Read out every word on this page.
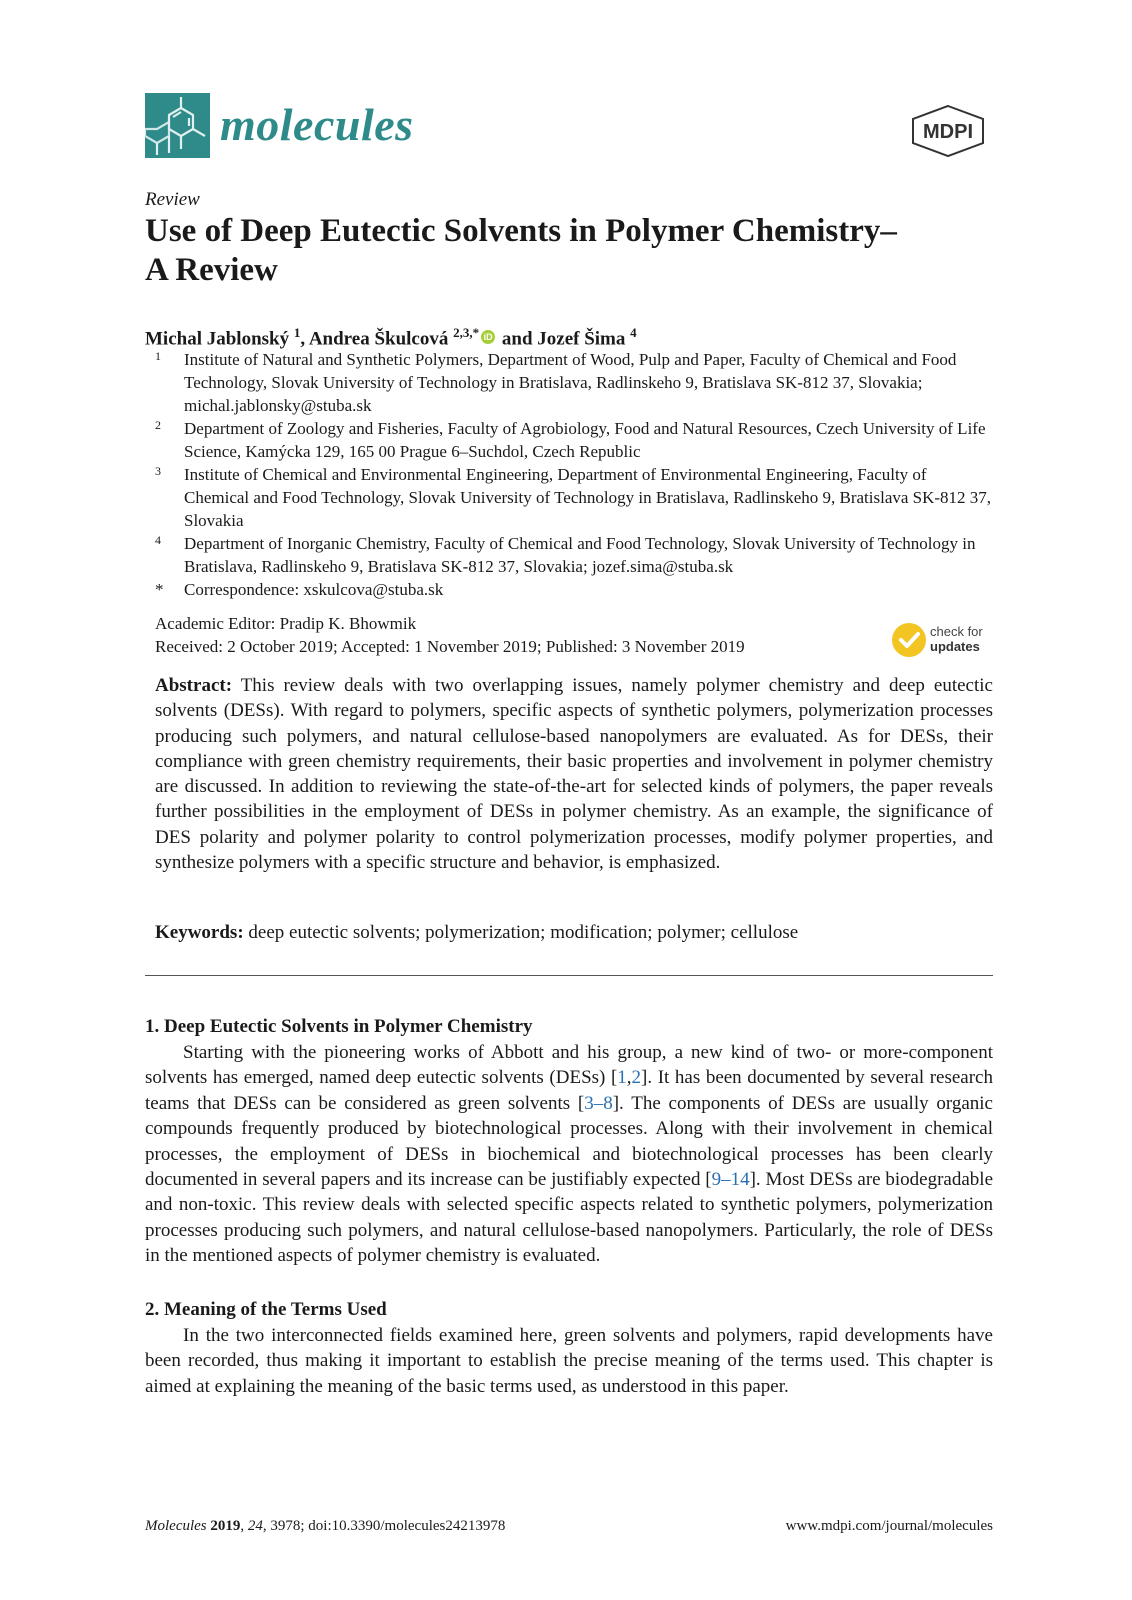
molecules	MDPI
Review
Use of Deep Eutectic Solvents in Polymer Chemistry–A Review
Michal Jablonský $^1$, Andrea Škulcová $^{2,3,*}$ iD and Jozef Šima $^4$
1 Institute of Natural and Synthetic Polymers, Department of Wood, Pulp and Paper, Faculty of Chemical and Food Technology, Slovak University of Technology in Bratislava, Radlinskeho 9, Bratislava SK-812 37, Slovakia; michal.jablonsky@stuba.sk
2 Department of Zoology and Fisheries, Faculty of Agrobiology, Food and Natural Resources, Czech University of Life Science, Kamýcka 129, 165 00 Prague 6–Suchdol, Czech Republic
3 Institute of Chemical and Environmental Engineering, Department of Environmental Engineering, Faculty of Chemical and Food Technology, Slovak University of Technology in Bratislava, Radlinskeho 9, Bratislava SK-812 37, Slovakia
4 Department of Inorganic Chemistry, Faculty of Chemical and Food Technology, Slovak University of Technology in Bratislava, Radlinskeho 9, Bratislava SK-812 37, Slovakia; jozef.sima@stuba.sk
* Correspondence: xskulcova@stuba.sk
Academic Editor: Pradip K. Bhowmik
Received: 2 October 2019; Accepted: 1 November 2019; Published: 3 November 2019
check for
updates
Abstract: This review deals with two overlapping issues, namely polymer chemistry and deep eutectic solvents (DESs). With regard to polymers, specific aspects of synthetic polymers, polymerization processes producing such polymers, and natural cellulose-based nanopolymers are evaluated. As for DESs, their compliance with green chemistry requirements, their basic properties and involvement in polymer chemistry are discussed. In addition to reviewing the state-of-the-art for selected kinds of polymers, the paper reveals further possibilities in the employment of DESs in polymer chemistry. As an example, the significance of DES polarity and polymer polarity to control polymerization processes, modify polymer properties, and synthesize polymers with a specific structure and behavior, is emphasized.
Keywords: deep eutectic solvents; polymerization; modification; polymer; cellulose
1. Deep Eutectic Solvents in Polymer Chemistry
Starting with the pioneering works of Abbott and his group, a new kind of two- or more-component solvents has emerged, named deep eutectic solvents (DESs) [1,2]. It has been documented by several research teams that DESs can be considered as green solvents [3–8]. The components of DESs are usually organic compounds frequently produced by biotechnological processes. Along with their involvement in chemical processes, the employment of DESs in biochemical and biotechnological processes has been clearly documented in several papers and its increase can be justifiably expected [9–14]. Most DESs are biodegradable and non-toxic. This review deals with selected specific aspects related to synthetic polymers, polymerization processes producing such polymers, and natural cellulose-based nanopolymers. Particularly, the role of DESs in the mentioned aspects of polymer chemistry is evaluated.
2. Meaning of the Terms Used
In the two interconnected fields examined here, green solvents and polymers, rapid developments have been recorded, thus making it important to establish the precise meaning of the terms used. This chapter is aimed at explaining the meaning of the basic terms used, as understood in this paper.
Molecules 2019, 24, 3978; doi:10.3390/molecules24213978	www.mdpi.com/journal/molecules
